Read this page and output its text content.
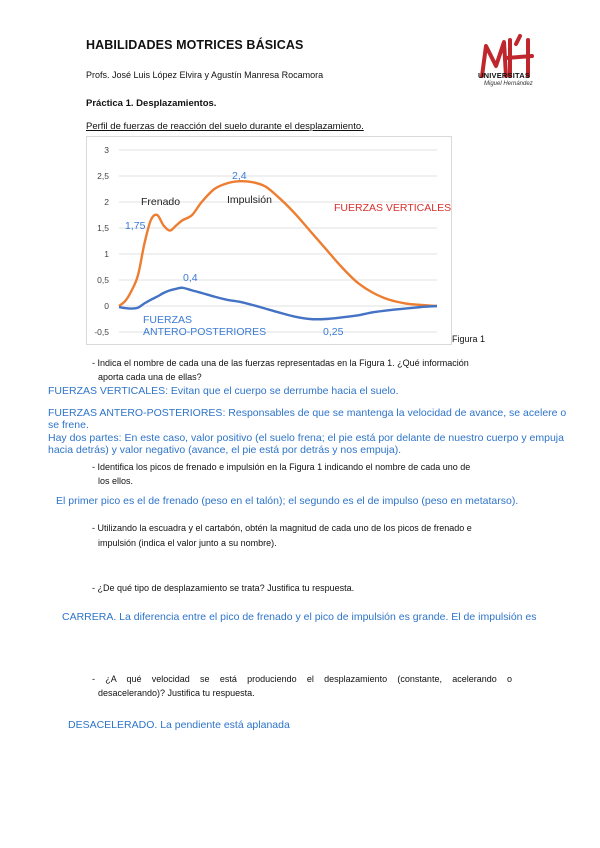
HABILIDADES MOTRICES BÁSICAS
Profs. José Luis López Elvira y Agustín Manresa Rocamora
Práctica 1. Desplazamientos.
Perfil de fuerzas de reacción del suelo durante el desplazamiento.
UNIVERSITAS
Miguel Hernández
3
2,5
2
1,5
1
0,5
0
-0,5
Frenado	Impulsión
1,75
2,4
0,4
0,25
FUERZAS VERTICALES
FUERZAS
ANTERO-POSTERIORES
Figura 1
- Indica el nombre de cada una de las fuerzas representadas en la Figura 1. ¿Qué información
aporta cada una de ellas?
FUERZAS VERTICALES: Evitan que el cuerpo se derrumbe hacia el suelo.
FUERZAS ANTERO-POSTERIORES: Responsables de que se mantenga la velocidad de avance, se acelere o se frene.
Hay dos partes: En este caso, valor positivo (el suelo frena; el pie está por delante de nuestro cuerpo y empuja hacia detrás) y valor negativo (avance, el pie está por detrás y nos empuja).
- Identifica los picos de frenado e impulsión en la Figura 1 indicando el nombre de cada uno de
los ellos.
El primer pico es el de frenado (peso en el talón); el segundo es el de impulso (peso en metatarso).
- Utilizando la escuadra y el cartabón, obtén la magnitud de cada uno de los picos de frenado e
impulsión (indica el valor junto a su nombre).
- ¿De qué tipo de desplazamiento se trata? Justifica tu respuesta.
CARRERA. La diferencia entre el pico de frenado y el pico de impulsión es grande. El de impulsión es
- ¿A qué velocidad se está produciendo el desplazamiento (constante, acelerando o
desacelerando)? Justifica tu respuesta.
DESACELERADO. La pendiente está aplanada
